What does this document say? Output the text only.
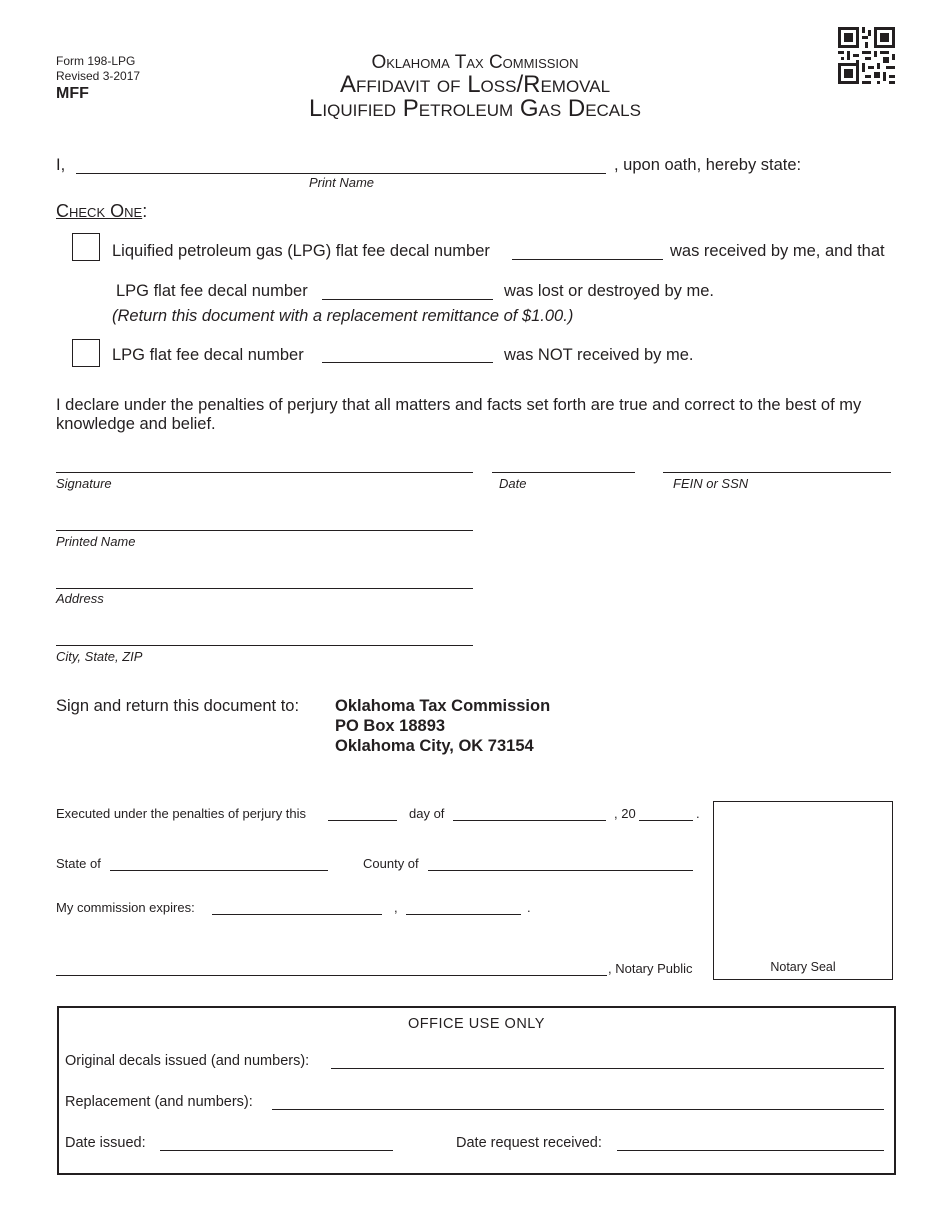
Form 198-LPG
Revised 3-2017
MFF
Oklahoma Tax Commission
Affidavit of Loss/Removal
Liquified Petroleum Gas Decals
I,	, upon oath, hereby state:
Print Name
Check One:
Liquified petroleum gas (LPG) flat fee decal number	was received by me, and that
LPG flat fee decal number	was lost or destroyed by me.
(Return this document with a replacement remittance of $1.00.)
LPG flat fee decal number	was NOT received by me.
I declare under the penalties of perjury that all matters and facts set forth are true and correct to the best of my
knowledge and belief.
Signature	Date	FEIN or SSN
Printed Name
Address
City, State, ZIP
Sign and return this document to: Oklahoma Tax Commission
PO Box 18893
Oklahoma City, OK 73154
Executed under the penalties of perjury this	day of	, 20	.
State of	County of
My commission expires:	,	.
, Notary Public	Notary Seal
OFFICE USE ONLY
Original decals issued (and numbers):
Replacement (and numbers):
Date issued:	Date request received:
